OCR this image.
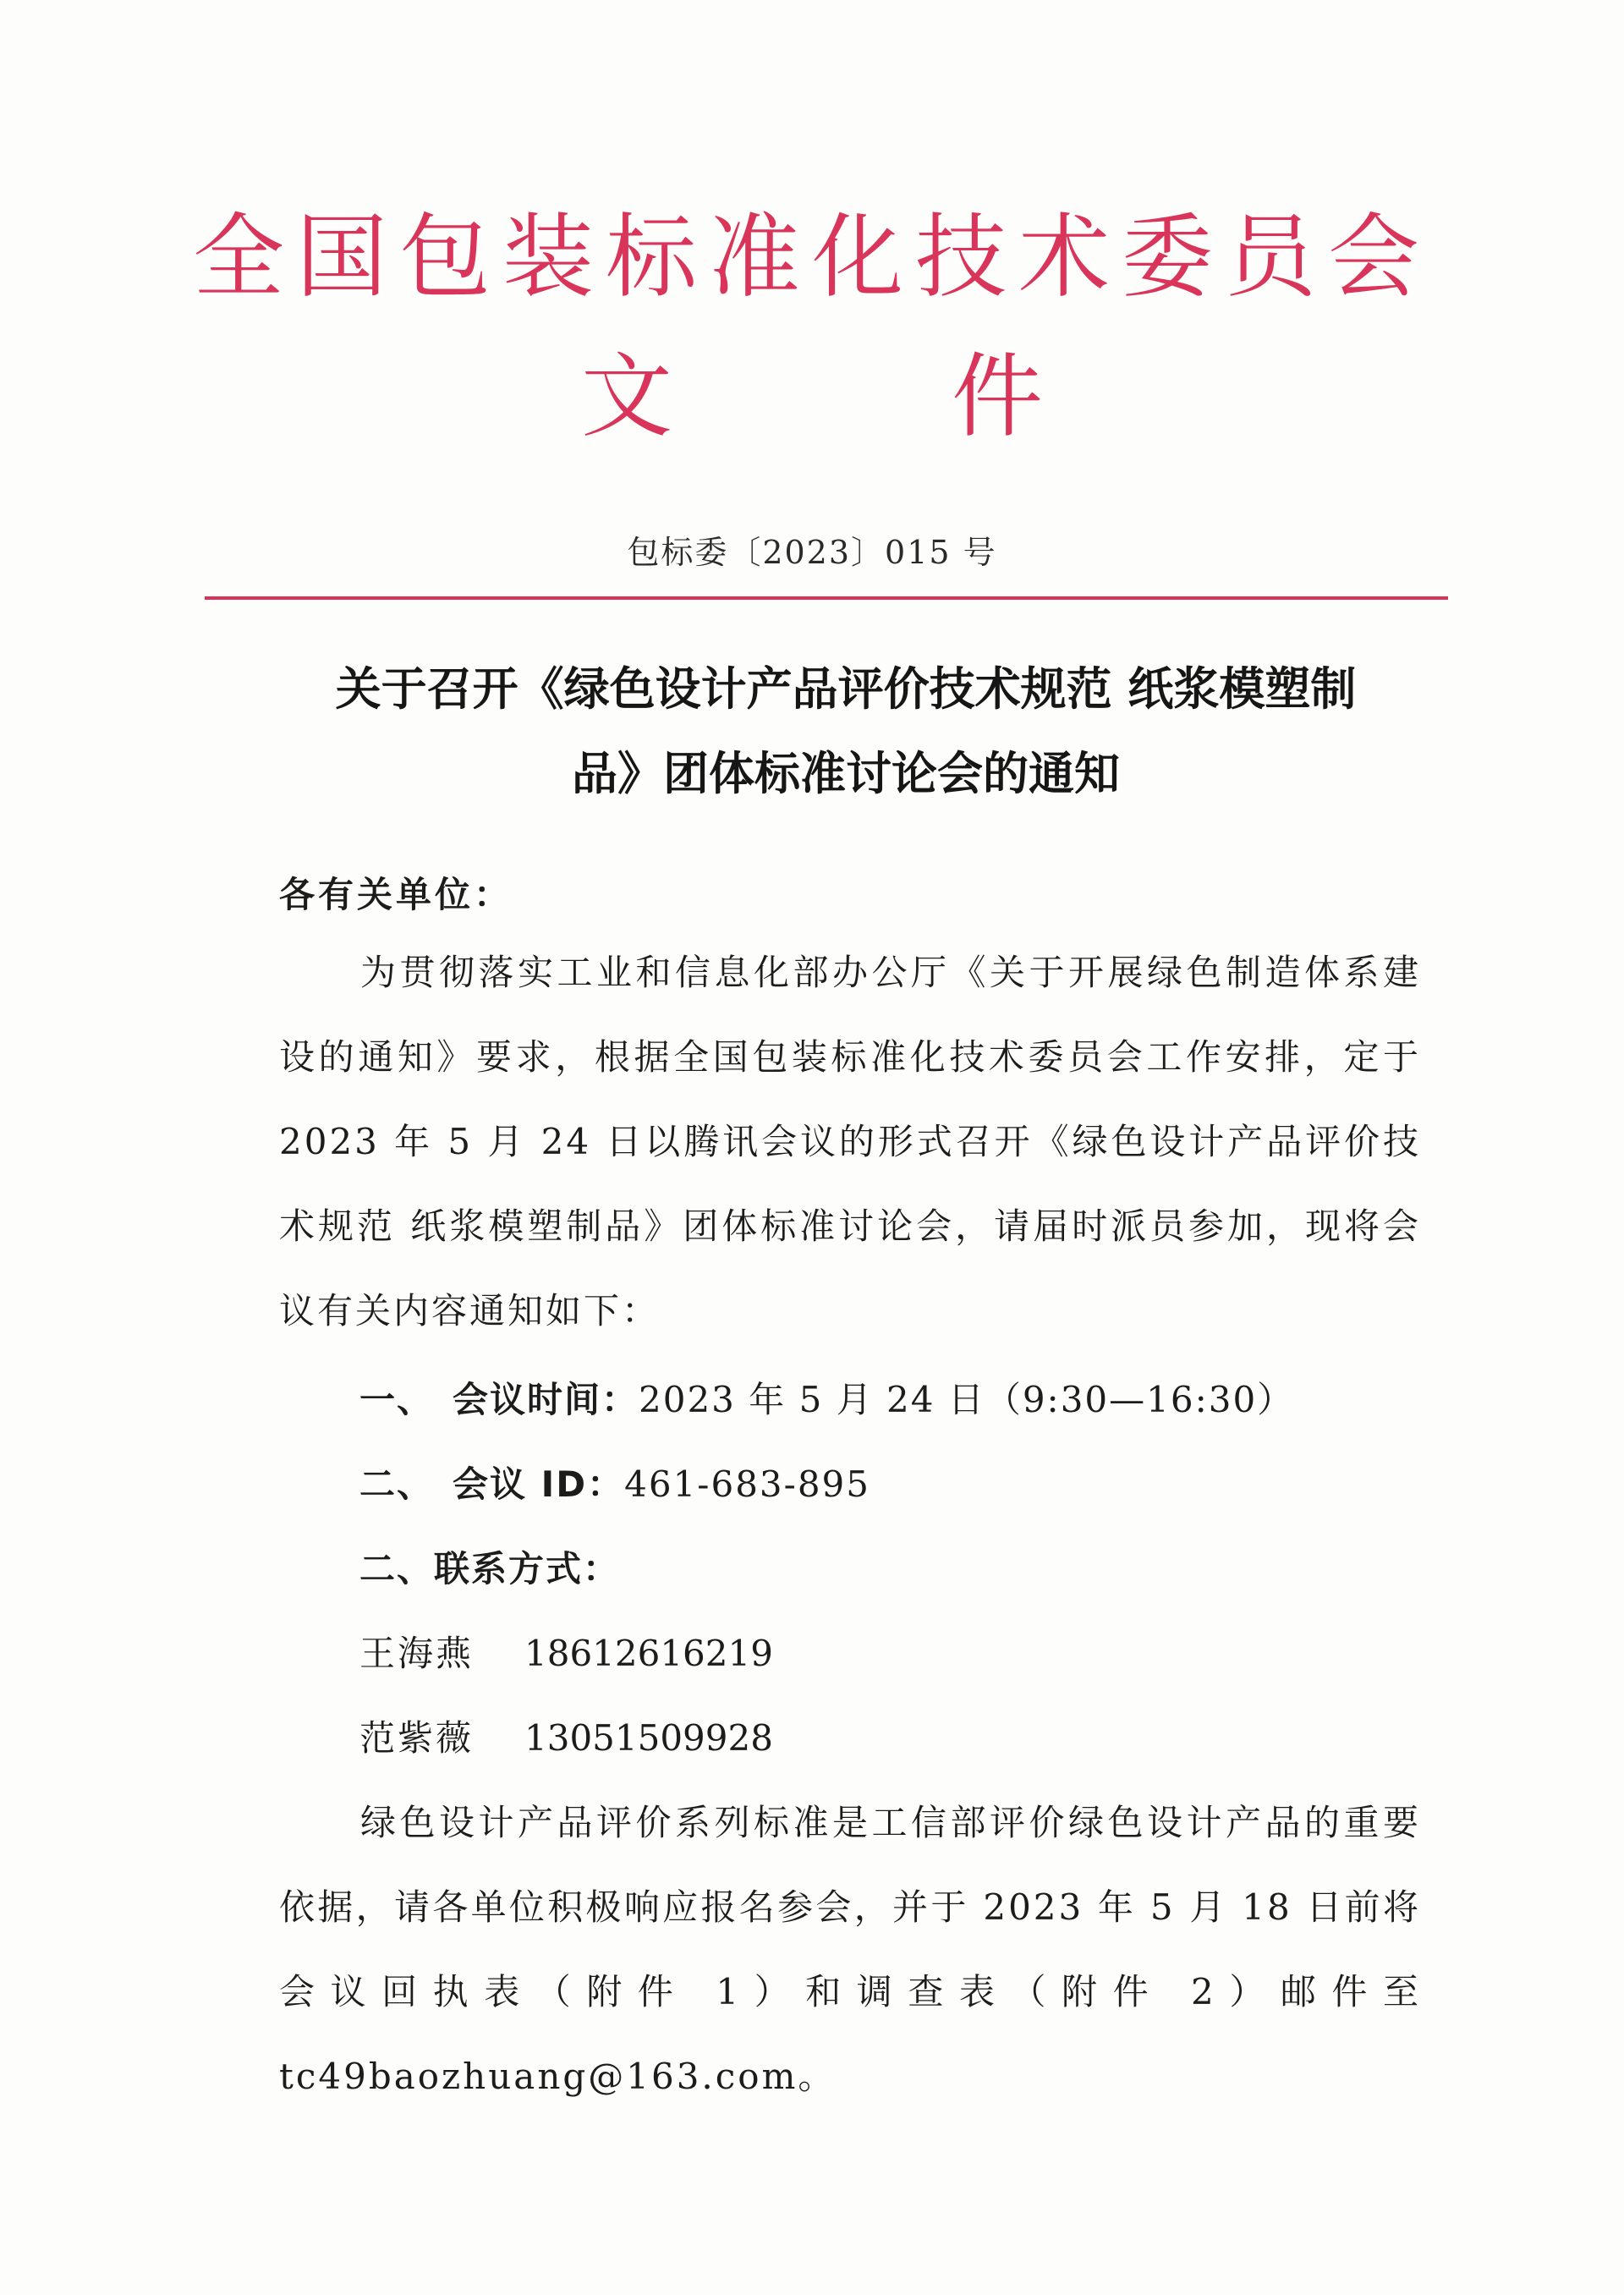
全国包装标准化技术委员会
文	件
包标委〔2023〕015 号
关于召开《绿色设计产品评价技术规范 纸浆模塑制
品》团体标准讨论会的通知
各有关单位：
为贯彻落实工业和信息化部办公厅《关于开展绿色制造体系建设的通知》要求，根据全国包装标准化技术委员会工作安排，定于 2023 年 5 月 24 日以腾讯会议的形式召开《绿色设计产品评价技术规范 纸浆模塑制品》团体标准讨论会，请届时派员参加，现将会议有关内容通知如下：
一、 会议时间：2023 年 5 月 24 日（9:30—16:30）
二、 会议 ID：461-683-895
二、联系方式：
王海燕 18612616219
范紫薇 13051509928
绿色设计产品评价系列标准是工信部评价绿色设计产品的重要依据，请各单位积极响应报名参会，并于 2023 年 5 月 18 日前将会议回执表（附件 1）和调查表（附件 2）邮件至 tc49baozhuang@163.com。
